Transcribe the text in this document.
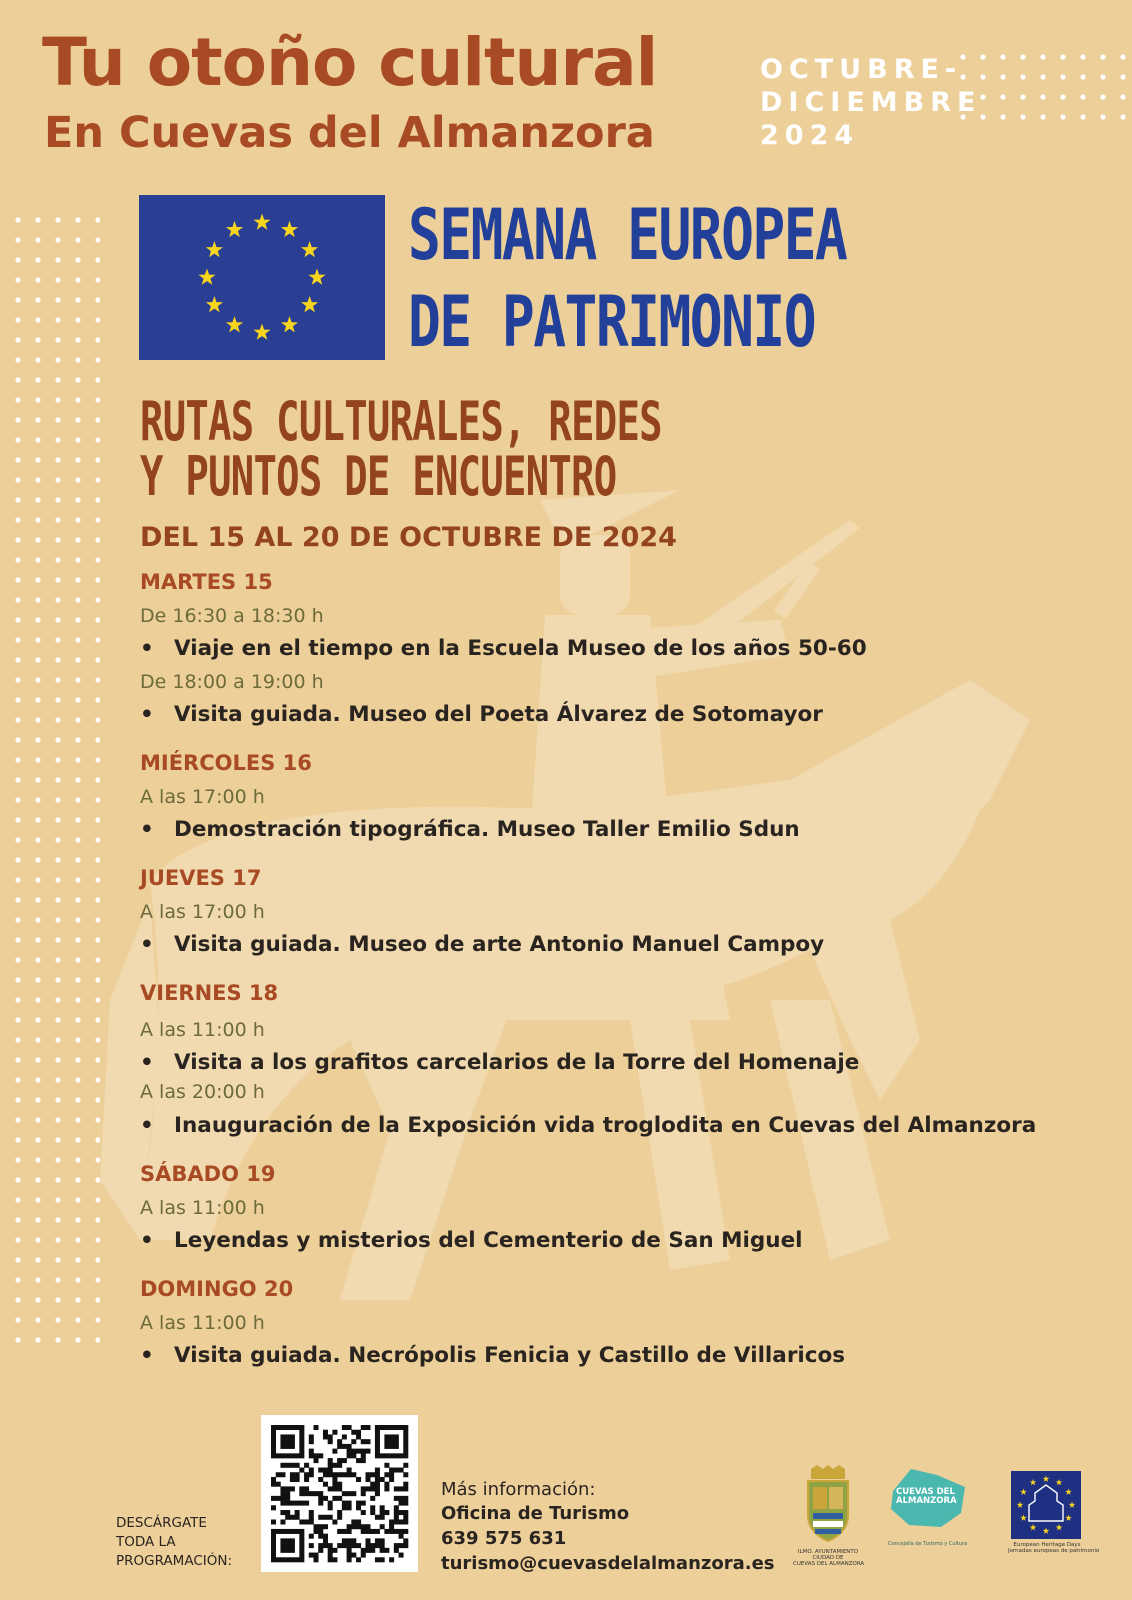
Tu otoño cultural
En Cuevas del Almanzora
OCTUBRE-
DICIEMBRE
2024
SEMANA EUROPEA
DE PATRIMONIO
RUTAS CULTURALES, REDES
Y PUNTOS DE ENCUENTRO
DEL 15 AL 20 DE OCTUBRE DE 2024
MARTES 15
De 16:30 a 18:30 h
• Viaje en el tiempo en la Escuela Museo de los años 50-60
De 18:00 a 19:00 h
• Visita guiada. Museo del Poeta Álvarez de Sotomayor
MIÉRCOLES 16
A las 17:00 h
• Demostración tipográfica. Museo Taller Emilio Sdun
JUEVES 17
A las 17:00 h
• Visita guiada. Museo de arte Antonio Manuel Campoy
VIERNES 18
A las 11:00 h
• Visita a los grafitos carcelarios de la Torre del Homenaje
A las 20:00 h
• Inauguración de la Exposición vida troglodita en Cuevas del Almanzora
SÁBADO 19
A las 11:00 h
• Leyendas y misterios del Cementerio de San Miguel
DOMINGO 20
A las 11:00 h
• Visita guiada. Necrópolis Fenicia y Castillo de Villaricos
DESCÁRGATE
TODA LA
PROGRAMACIÓN:
Más información:
Oficina de Turismo
639 575 631
turismo@cuevasdelalmanzora.es
ILMO. AYUNTAMIENTO
CIUDAD DE
CUEVAS DEL ALMANZORA
CUEVAS DEL
ALMANZORA
Concejalía de Turismo y Cultura	European Heritage Days
Jornadas europeas de patrimonio
